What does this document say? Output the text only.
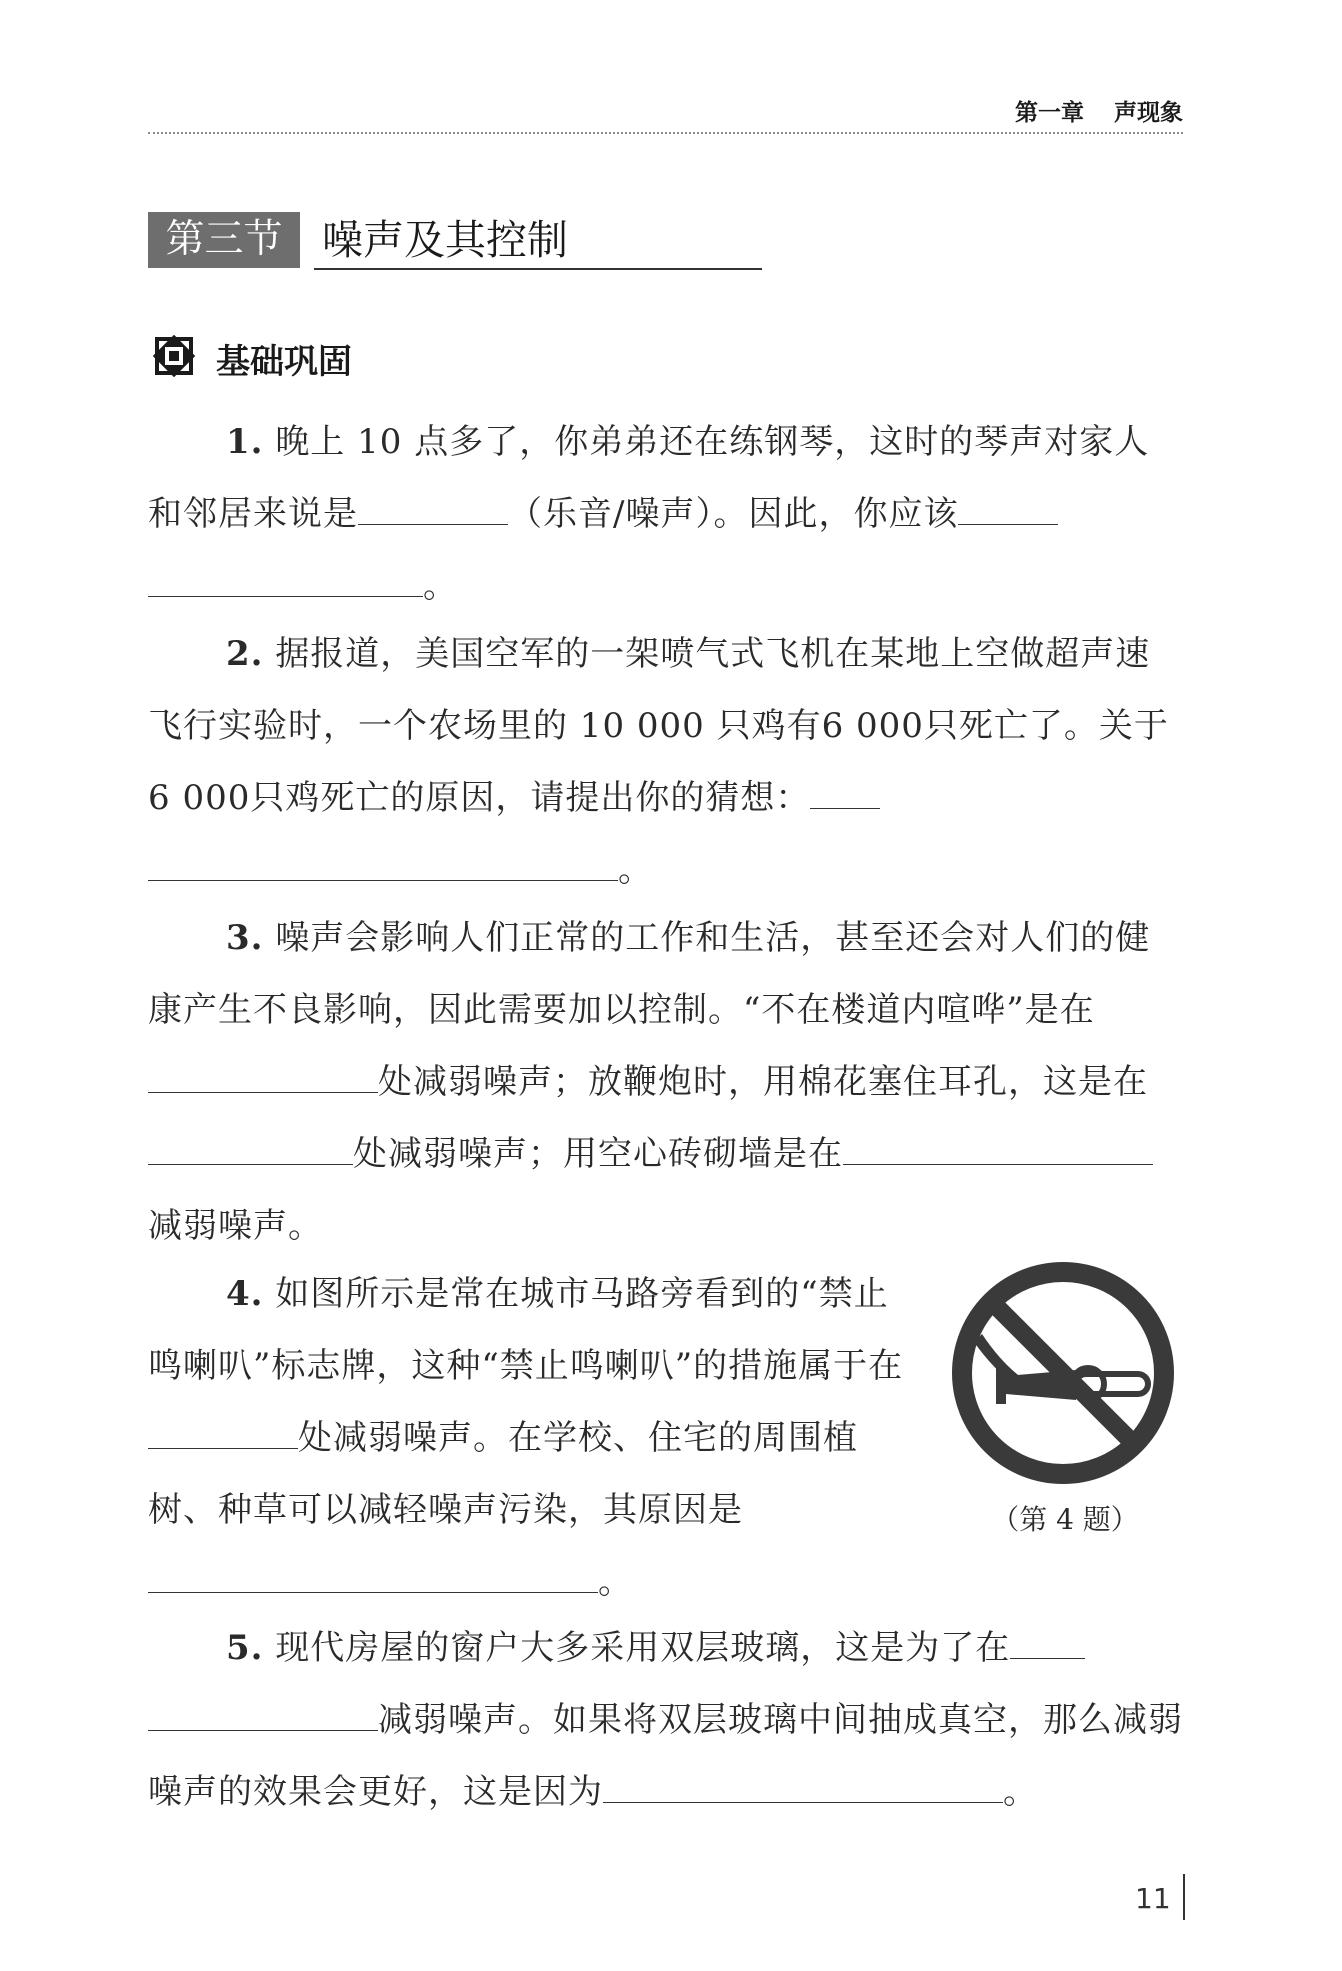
第一章 声现象
第三节 噪声及其控制
基础巩固
1. 晚上 10 点多了，你弟弟还在练钢琴，这时的琴声对家人和邻居来说是	（乐音/噪声）。因此，你应该
。
2. 据报道，美国空军的一架喷气式飞机在某地上空做超声速飞行实验时，一个农场里的 10 000 只鸡有6 000只死亡了。关于6 000只鸡死亡的原因，请提出你的猜想：
。
3. 噪声会影响人们正常的工作和生活，甚至还会对人们的健康产生不良影响，因此需要加以控制。“不在楼道内喧哗”是在处减弱噪声；放鞭炮时，用棉花塞住耳孔，这是在处减弱噪声；用空心砖砌墙是在减弱噪声。
4. 如图所示是常在城市马路旁看到的“禁止鸣喇叭”标志牌，这种“禁止鸣喇叭”的措施属于在处减弱噪声。在学校、住宅的周围植树、种草可以减轻噪声污染，其原因是。
（第 4 题）
5. 现代房屋的窗户大多采用双层玻璃，这是为了在
减弱噪声。如果将双层玻璃中间抽成真空，那么减弱噪声的效果会更好，这是因为	。
11
